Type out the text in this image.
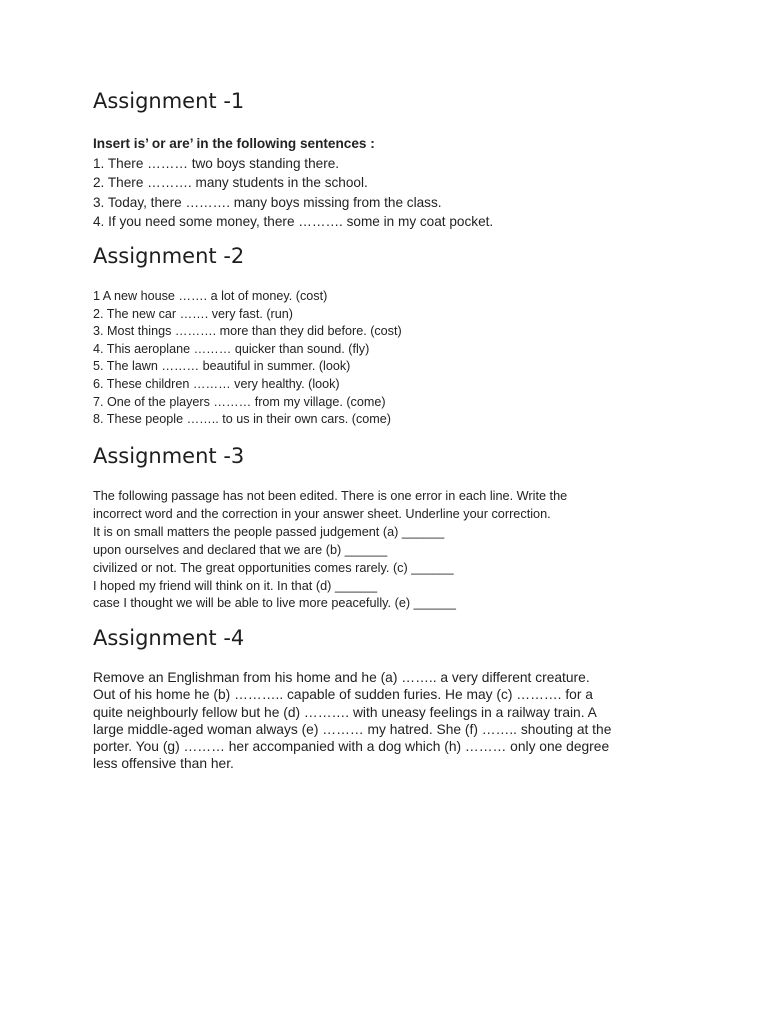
Assignment -1
Insert is’ or are’ in the following sentences :
1. There ……… two boys standing there.
2. There ………. many students in the school.
3. Today, there ………. many boys missing from the class.
4. If you need some money, there ………. some in my coat pocket.
Assignment -2
1 A new house ……. a lot of money. (cost)
2. The new car ……. very fast. (run)
3. Most things ………. more than they did before. (cost)
4. This aeroplane ……… quicker than sound. (fly)
5. The lawn ……… beautiful in summer. (look)
6. These children ……… very healthy. (look)
7. One of the players ……… from my village. (come)
8. These people …….. to us in their own cars. (come)
Assignment -3
The following passage has not been edited. There is one error in each line. Write the
incorrect word and the correction in your answer sheet. Underline your correction.
It is on small matters the people passed judgement (a) ______
upon ourselves and declared that we are (b) ______
civilized or not. The great opportunities comes rarely. (c) ______
I hoped my friend will think on it. In that (d) ______
case I thought we will be able to live more peacefully. (e) ______
Assignment -4
Remove an Englishman from his home and he (a) …….. a very different creature.
Out of his home he (b) ……….. capable of sudden furies. He may (c) ………. for a
quite neighbourly fellow but he (d) ………. with uneasy feelings in a railway train. A
large middle-aged woman always (e) ……… my hatred. She (f) …….. shouting at the
porter. You (g) ……… her accompanied with a dog which (h) ……… only one degree
less offensive than her.
